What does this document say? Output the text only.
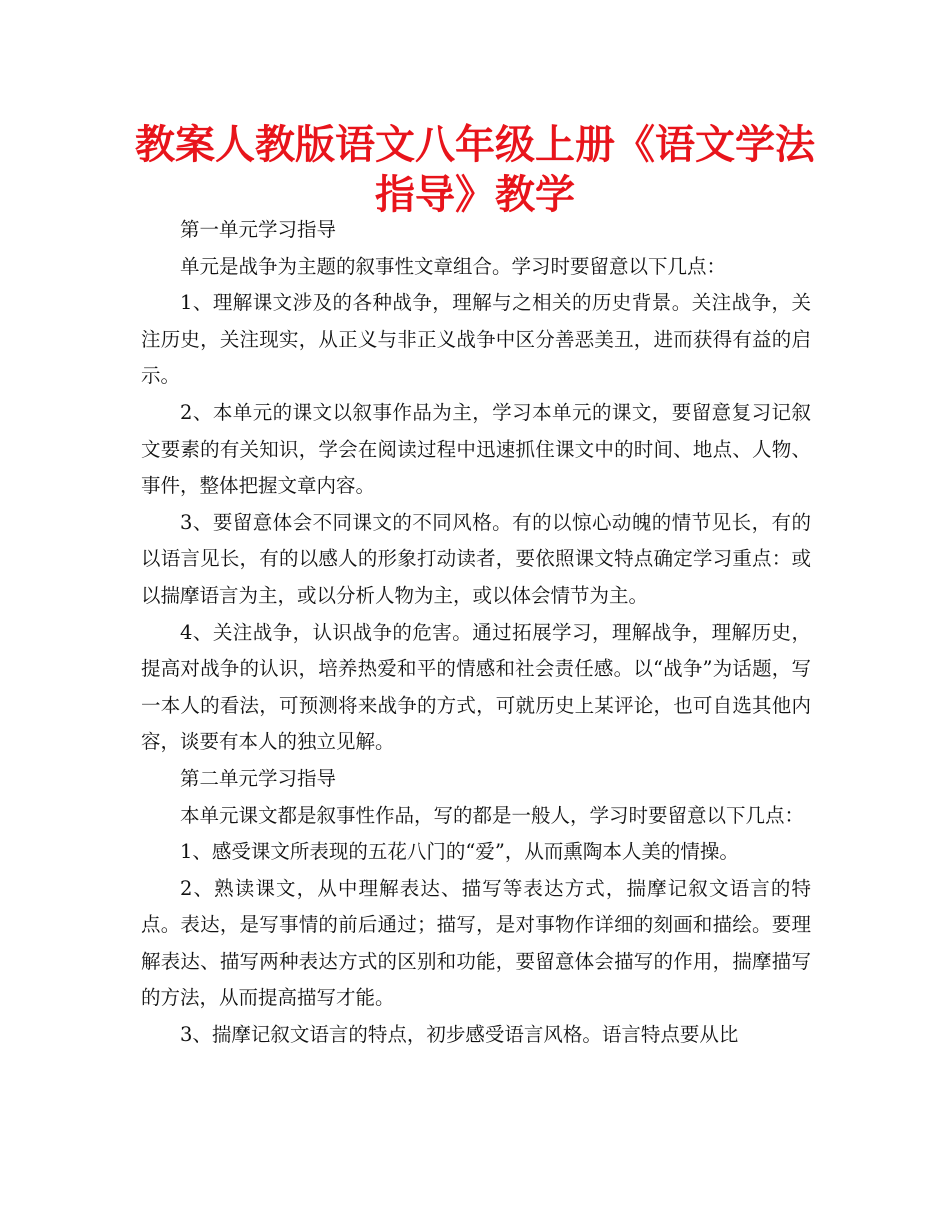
教案人教版语文八年级上册《语文学法指导》教学

第一单元学习指导

单元是战争为主题的叙事性文章组合。学习时要留意以下几点：

1、理解课文涉及的各种战争，理解与之相关的历史背景。关注战争，关注历史，关注现实，从正义与非正义战争中区分善恶美丑，进而获得有益的启示。

2、本单元的课文以叙事作品为主，学习本单元的课文，要留意复习记叙文要素的有关知识，学会在阅读过程中迅速抓住课文中的时间、地点、人物、事件，整体把握文章内容。

3、要留意体会不同课文的不同风格。有的以惊心动魄的情节见长，有的以语言见长，有的以感人的形象打动读者，要依照课文特点确定学习重点：或以揣摩语言为主，或以分析人物为主，或以体会情节为主。

4、关注战争，认识战争的危害。通过拓展学习，理解战争，理解历史，提高对战争的认识，培养热爱和平的情感和社会责任感。以“战争”为话题，写一本人的看法，可预测将来战争的方式，可就历史上某评论，也可自选其他内容，谈要有本人的独立见解。

第二单元学习指导

本单元课文都是叙事性作品，写的都是一般人，学习时要留意以下几点：

1、感受课文所表现的五花八门的“爱”，从而熏陶本人美的情操。

2、熟读课文，从中理解表达、描写等表达方式，揣摩记叙文语言的特点。表达，是写事情的前后通过；描写，是对事物作详细的刻画和描绘。要理解表达、描写两种表达方式的区别和功能，要留意体会描写的作用，揣摩描写的方法，从而提高描写才能。

3、揣摩记叙文语言的特点，初步感受语言风格。语言特点要从比
